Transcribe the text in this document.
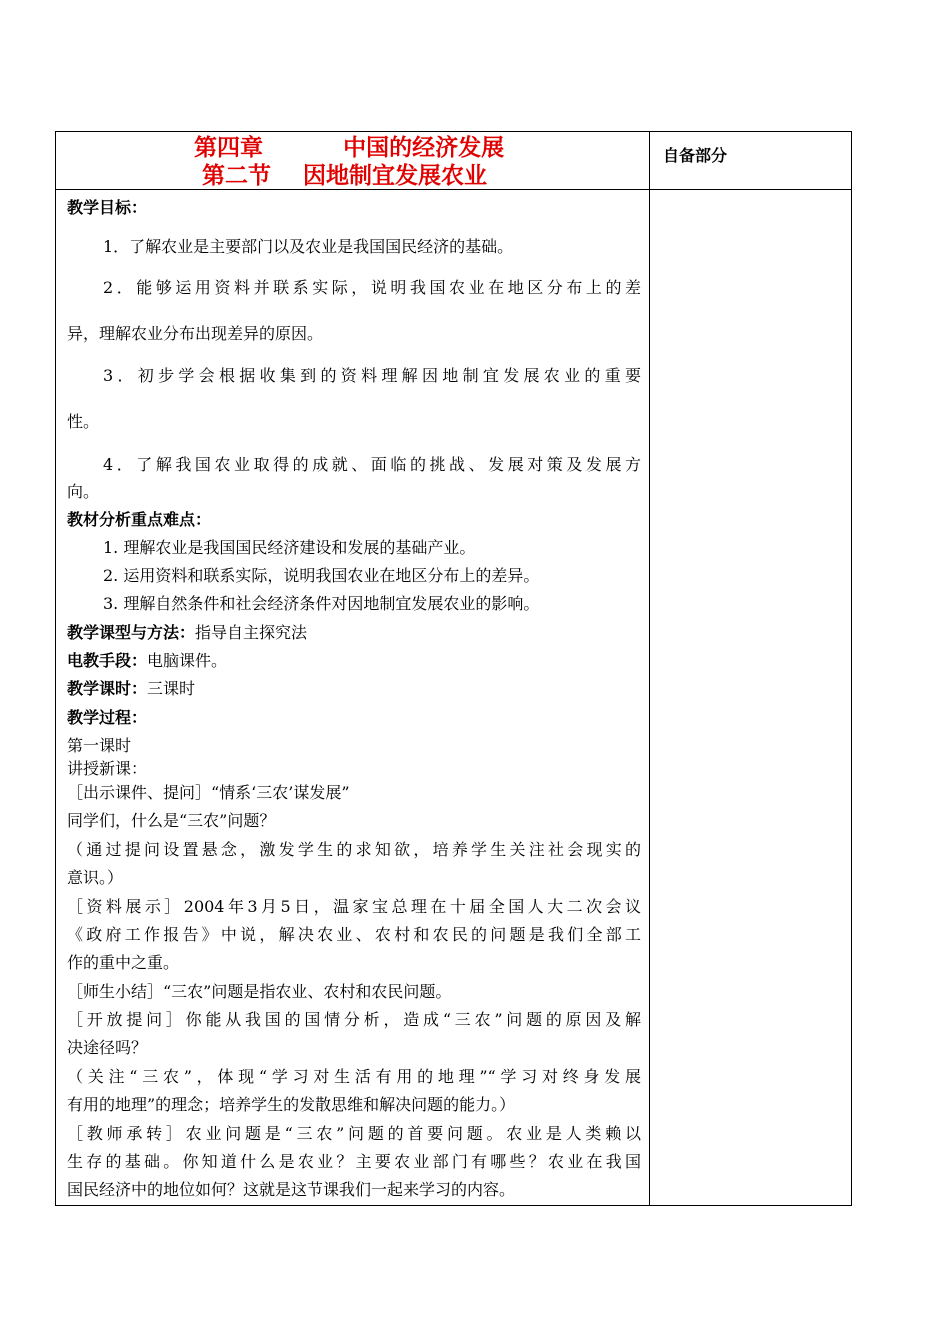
第四章          中国的经济发展
第二节    因地制宜发展农业
自备部分
教学目标：
1．了解农业是主要部门以及农业是我国国民经济的基础。
2．能够运用资料并联系实际，说明我国农业在地区分布上的差
异，理解农业分布出现差异的原因。
3．初步学会根据收集到的资料理解因地制宜发展农业的重要
性。
4．了解我国农业取得的成就、面临的挑战、发展对策及发展方
向。
教材分析重点难点：
1. 理解农业是我国国民经济建设和发展的基础产业。
2. 运用资料和联系实际，说明我国农业在地区分布上的差异。
3. 理解自然条件和社会经济条件对因地制宜发展农业的影响。
教学课型与方法：指导自主探究法
电教手段：电脑课件。
教学课时：三课时
教学过程：
第一课时
讲授新课：
［出示课件、提问］“情系‘三农’谋发展”
同学们，什么是“三农”问题？
（通过提问设置悬念，激发学生的求知欲，培养学生关注社会现实的
意识。）
［资料展示］2004年3月5日，温家宝总理在十届全国人大二次会议
《政府工作报告》中说，解决农业、农村和农民的问题是我们全部工
作的重中之重。
［师生小结］“三农”问题是指农业、农村和农民问题。
［开放提问］你能从我国的国情分析，造成“三农”问题的原因及解
决途径吗？
（关注“三农”，体现“学习对生活有用的地理”“学习对终身发展
有用的地理”的理念；培养学生的发散思维和解决问题的能力。）
［教师承转］农业问题是“三农”问题的首要问题。农业是人类赖以
生存的基础。你知道什么是农业？主要农业部门有哪些？农业在我国
国民经济中的地位如何？这就是这节课我们一起来学习的内容。
